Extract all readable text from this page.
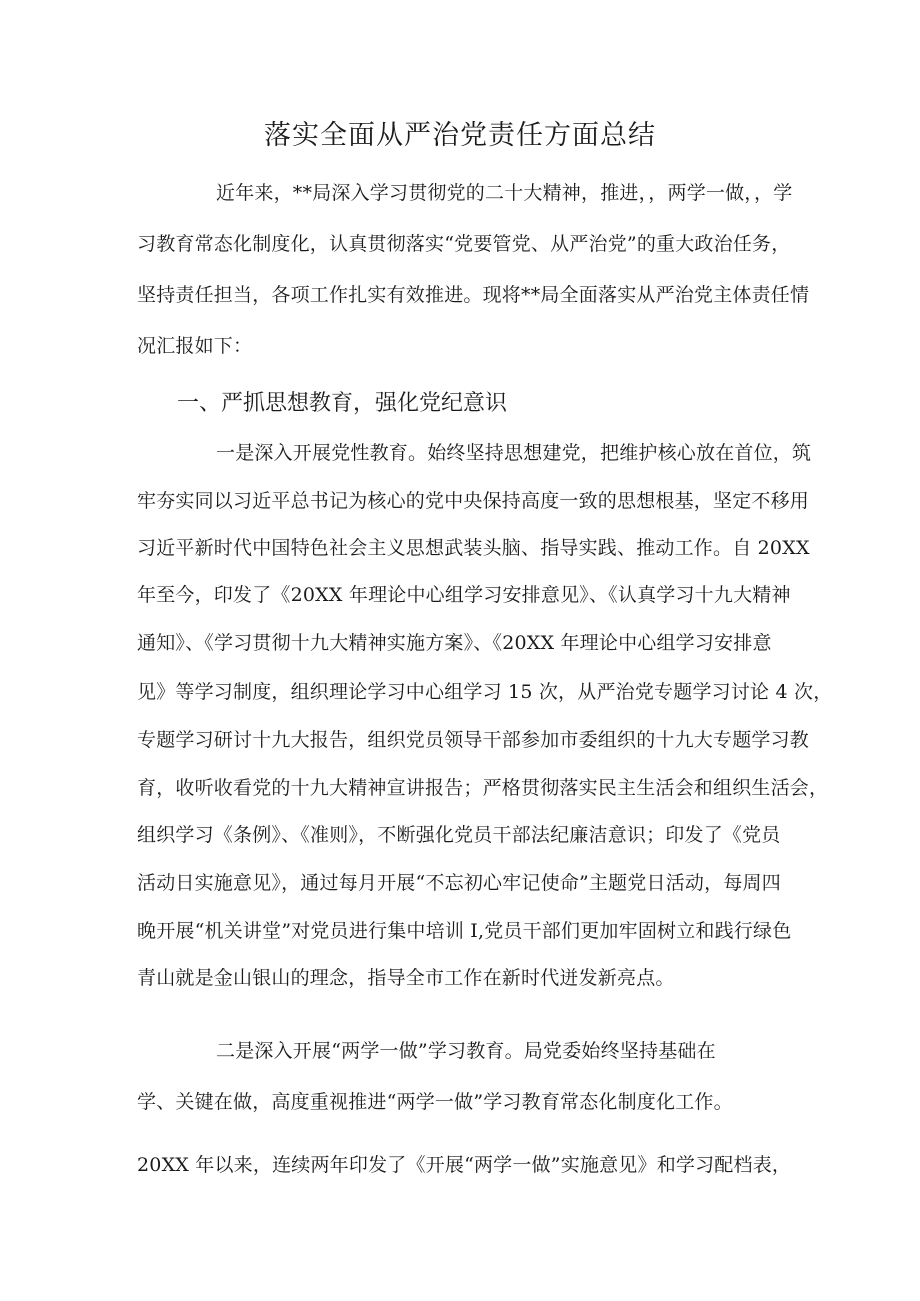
落实全面从严治党责任方面总结
近年来，**局深入学习贯彻党的二十大精神，推进，，两学一做，，学
习教育常态化制度化，认真贯彻落实“党要管党、从严治党”的重大政治任务，
坚持责任担当，各项工作扎实有效推进。现将**局全面落实从严治党主体责任情
况汇报如下：
一、严抓思想教育，强化党纪意识
一是深入开展党性教育。始终坚持思想建党，把维护核心放在首位，筑
牢夯实同以习近平总书记为核心的党中央保持高度一致的思想根基，坚定不移用
习近平新时代中国特色社会主义思想武装头脑、指导实践、推动工作。自 20XX
年至今，印发了《20XX 年理论中心组学习安排意见》、《认真学习十九大精神
通知》、《学习贯彻十九大精神实施方案》、《20XX 年理论中心组学习安排意
见》等学习制度，组织理论学习中心组学习 15 次，从严治党专题学习讨论 4 次，
专题学习研讨十九大报告，组织党员领导干部参加市委组织的十九大专题学习教
育，收听收看党的十九大精神宣讲报告；严格贯彻落实民主生活会和组织生活会，
组织学习《条例》、《准则》，不断强化党员干部法纪廉洁意识；印发了《党员
活动日实施意见》，通过每月开展“不忘初心牢记使命”主题党日活动，每周四
晚开展“机关讲堂”对党员进行集中培训 I,党员干部们更加牢固树立和践行绿色
青山就是金山银山的理念，指导全市工作在新时代迸发新亮点。
二是深入开展“两学一做”学习教育。局党委始终坚持基础在
学、关键在做，高度重视推进“两学一做”学习教育常态化制度化工作。
20XX 年以来，连续两年印发了《开展“两学一做”实施意见》和学习配档表，
